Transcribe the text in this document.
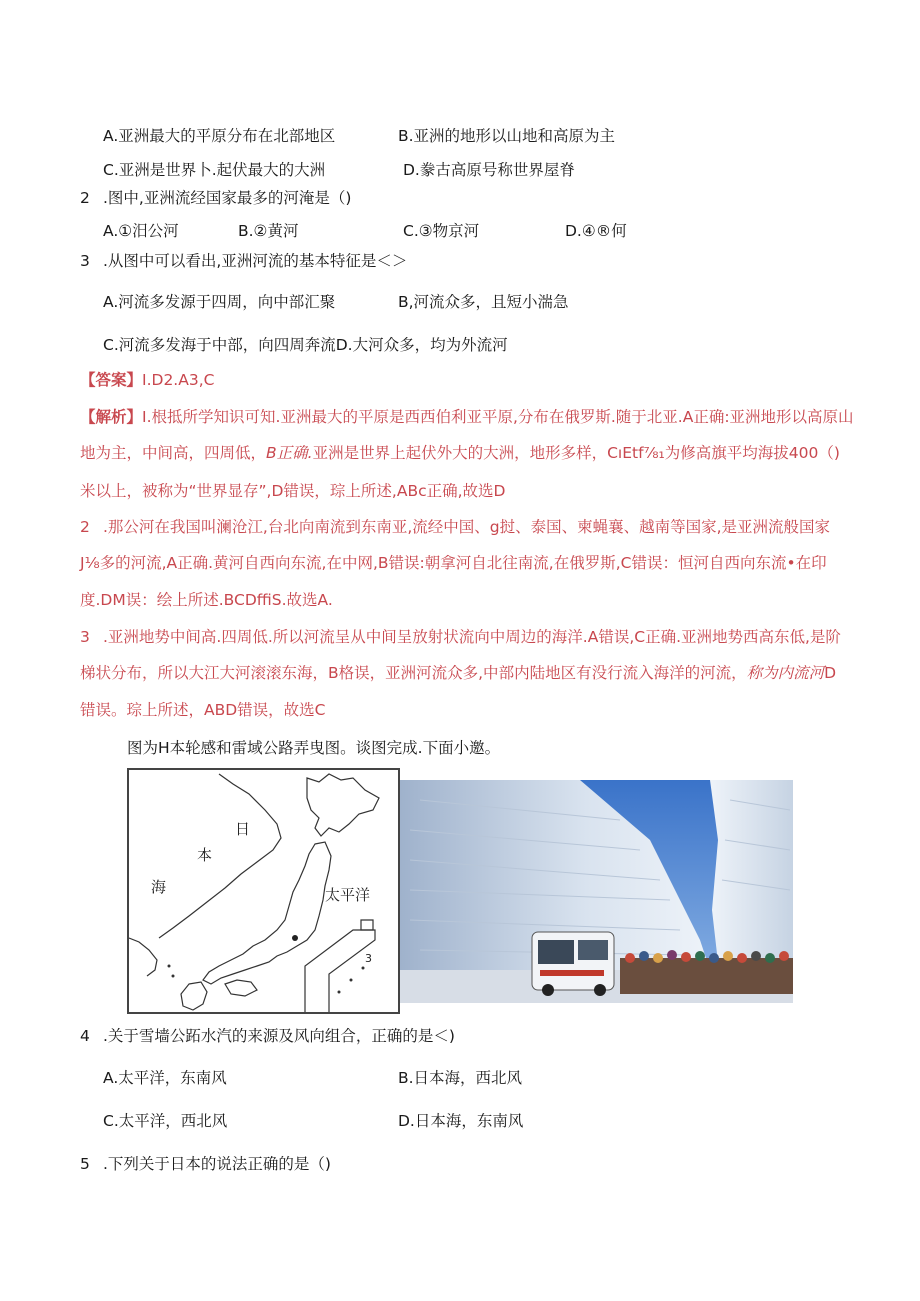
A.亚洲最大的平原分布在北部地区	B.亚洲的地形以山地和高原为主
C.亚洲是世界卜.起伏最大的大洲	D.豢古高原号称世界屋脊
2 .图中,亚洲流经国家最多的河淹是（)
A.①汨公河	B.②黄河	C.③物京河	D.④®何
3 .从图中可以看出,亚洲河流的基本特征是＜＞
A.河流多发源于四周，向中部汇聚	B,河流众多，且短小湍急
C.河流多发海于中部，向四周奔流D.大河众多，均为外流河
【答案】I.D2.A3,C
【解析】I.根抵所学知识可知.亚洲最大的平原是西西伯利亚平原,分布在俄罗斯.随于北亚.A正确:亚洲地形以高原山
地为主，中间高，四周低，B正确.亚洲是世界上起伏外大的大洲，地形多样，CıEtf⅞₁为修高旗平均海拔400（)
米以上，被称为“世界显存”,D错误，琮上所述,ABc正确,故选D
2 .那公河在我国叫澜沧江,台北向南流到东南亚,流经中国、g挝、泰国、柬蝇襄、越南等国家,是亚洲流般国家
J⅛多的河流,A正确.黄河自西向东流,在中网,B错误:朝拿河自北往南流,在俄罗斯,C错误：恒河自西向东流•在印
度.DM误：绘上所述.BCDffiS.故选A.
3 .亚洲地势中间高.四周低.所以河流呈从中间呈放射状流向中周边的海洋.A错误,C正确.亚洲地势西高东低,是阶
梯状分布，所以大江大河滚滚东海，B格误，亚洲河流众多,中部内陆地区有没行流入海洋的河流，称为内流河D
错误。琮上所述，ABD错误，故选C
图为H本轮感和雷域公路弄曳图。谈图完成.下面小邀。
日
本
海	太平洋
3
4 .关于雪墙公跖水汽的来源及风向组合，正确的是＜)
A.太平洋，东南风	B.日本海，西北风
C.太平洋，西北风	D.日本海，东南风
5 .下列关于日本的说法正确的是（)
